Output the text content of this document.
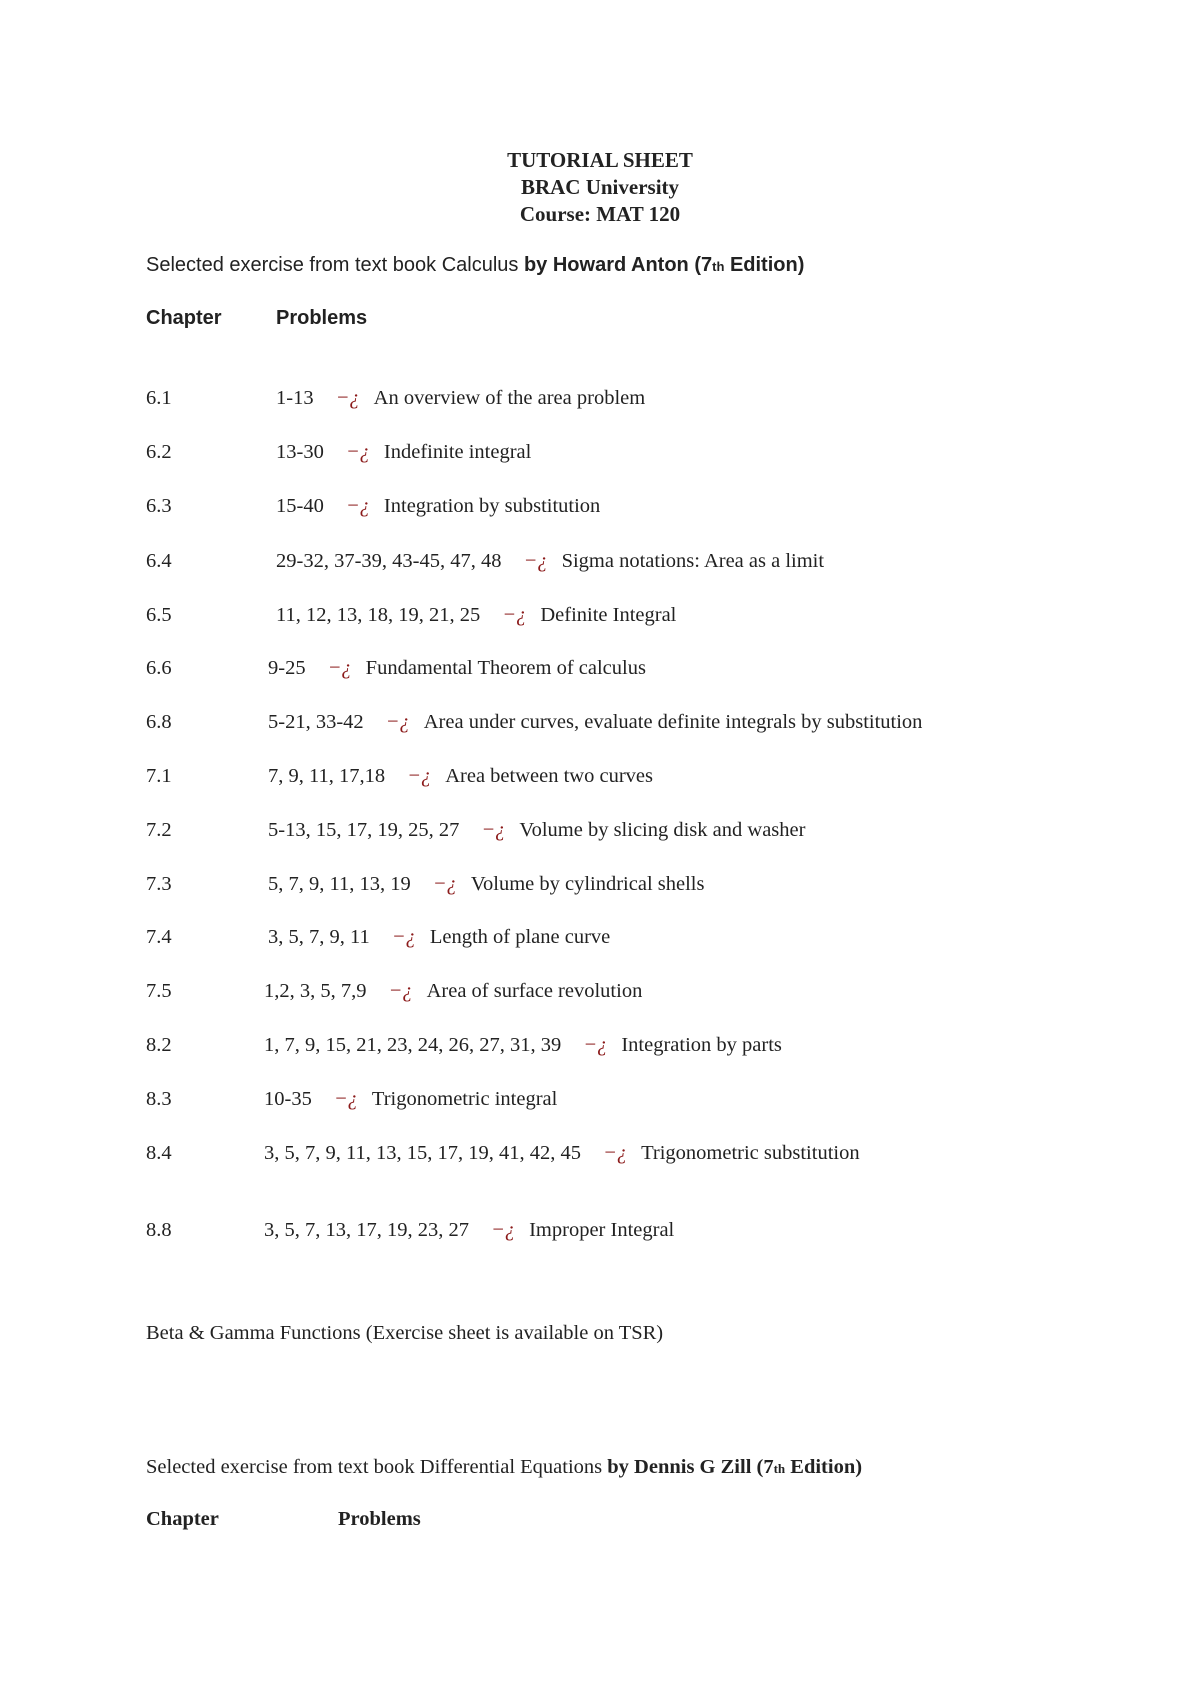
TUTORIAL SHEET
BRAC University
Course: MAT 120
Selected exercise from text book Calculus by Howard Anton (7th Edition)
Chapter	Problems
6.1	1-13 −¿ An overview of the area problem
6.2	13-30 −¿ Indefinite integral
6.3	15-40 −¿ Integration by substitution
6.4	29-32, 37-39, 43-45, 47, 48 −¿ Sigma notations: Area as a limit
6.5	11, 12, 13, 18, 19, 21, 25 −¿ Definite Integral
6.6	9-25 −¿ Fundamental Theorem of calculus
6.8	5-21, 33-42 −¿ Area under curves, evaluate definite integrals by substitution
7.1	7, 9, 11, 17,18 −¿ Area between two curves
7.2	5-13, 15, 17, 19, 25, 27 −¿ Volume by slicing disk and washer
7.3	5, 7, 9, 11, 13, 19 −¿ Volume by cylindrical shells
7.4	3, 5, 7, 9, 11 −¿ Length of plane curve
7.5	1,2, 3, 5, 7,9 −¿ Area of surface revolution
8.2	1, 7, 9, 15, 21, 23, 24, 26, 27, 31, 39 −¿ Integration by parts
8.3	10-35 −¿ Trigonometric integral
8.4	3, 5, 7, 9, 11, 13, 15, 17, 19, 41, 42, 45 −¿ Trigonometric substitution
8.8	3, 5, 7, 13, 17, 19, 23, 27 −¿ Improper Integral
Beta & Gamma Functions (Exercise sheet is available on TSR)
Selected exercise from text book Differential Equations by Dennis G Zill (7th Edition)
Chapter	Problems
